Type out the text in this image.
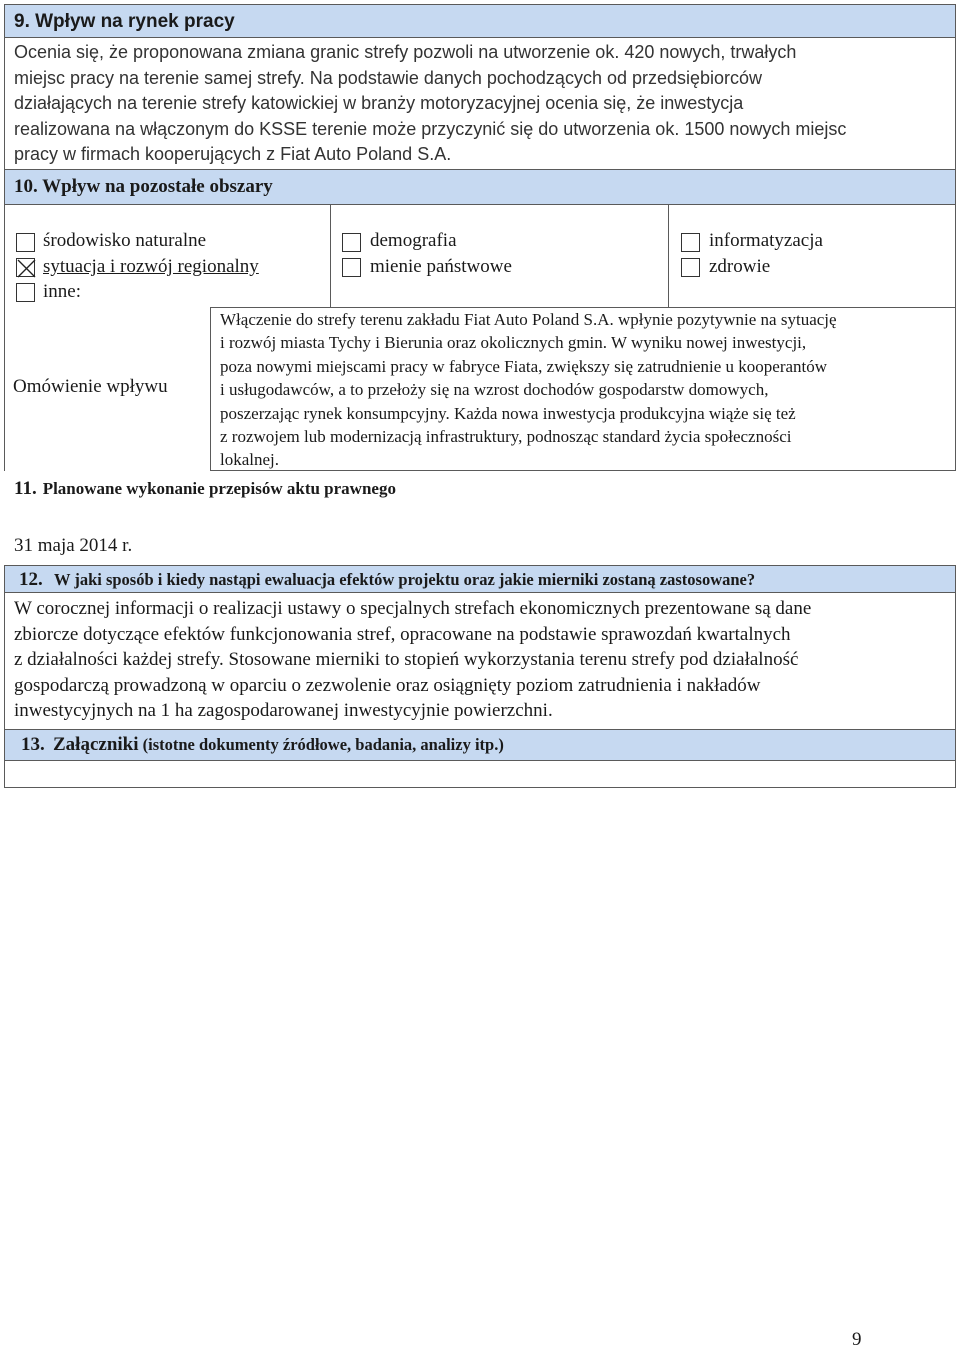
9. Wpływ na rynek pracy
Ocenia się, że proponowana zmiana granic strefy pozwoli na utworzenie ok. 420 nowych, trwałych
miejsc pracy na terenie samej strefy. Na podstawie danych pochodzących od przedsiębiorców
działających na terenie strefy katowickiej w branży motoryzacyjnej ocenia się, że inwestycja
realizowana na włączonym do KSSE terenie może przyczynić się do utworzenia ok. 1500 nowych miejsc
pracy w firmach kooperujących z Fiat Auto Poland S.A.
10. Wpływ na pozostałe obszary
środowisko naturalne
sytuacja i rozwój regionalny
inne:
demografia
mienie państwowe
informatyzacja
zdrowie
Omówienie wpływu
Włączenie do strefy terenu zakładu Fiat Auto Poland S.A. wpłynie pozytywnie na sytuację
i rozwój miasta Tychy i Bierunia oraz okolicznych gmin. W wyniku nowej inwestycji,
poza nowymi miejscami pracy w fabryce Fiata, zwiększy się zatrudnienie u kooperantów
i usługodawców, a to przełoży się na wzrost dochodów gospodarstw domowych,
poszerzając rynek konsumpcyjny. Każda nowa inwestycja produkcyjna wiąże się też
z rozwojem lub modernizacją infrastruktury, podnosząc standard życia społeczności
lokalnej.
11. Planowane wykonanie przepisów aktu prawnego
31 maja 2014 r.
12. W jaki sposób i kiedy nastąpi ewaluacja efektów projektu oraz jakie mierniki zostaną zastosowane?
W corocznej informacji o realizacji ustawy o specjalnych strefach ekonomicznych prezentowane są dane
zbiorcze dotyczące efektów funkcjonowania stref, opracowane na podstawie sprawozdań kwartalnych
z działalności każdej strefy. Stosowane mierniki to stopień wykorzystania terenu strefy pod działalność
gospodarczą prowadzoną w oparciu o zezwolenie oraz osiągnięty poziom zatrudnienia i nakładów
inwestycyjnych na 1 ha zagospodarowanej inwestycyjnie powierzchni.
13. Załączniki (istotne dokumenty źródłowe, badania, analizy itp.)
9
